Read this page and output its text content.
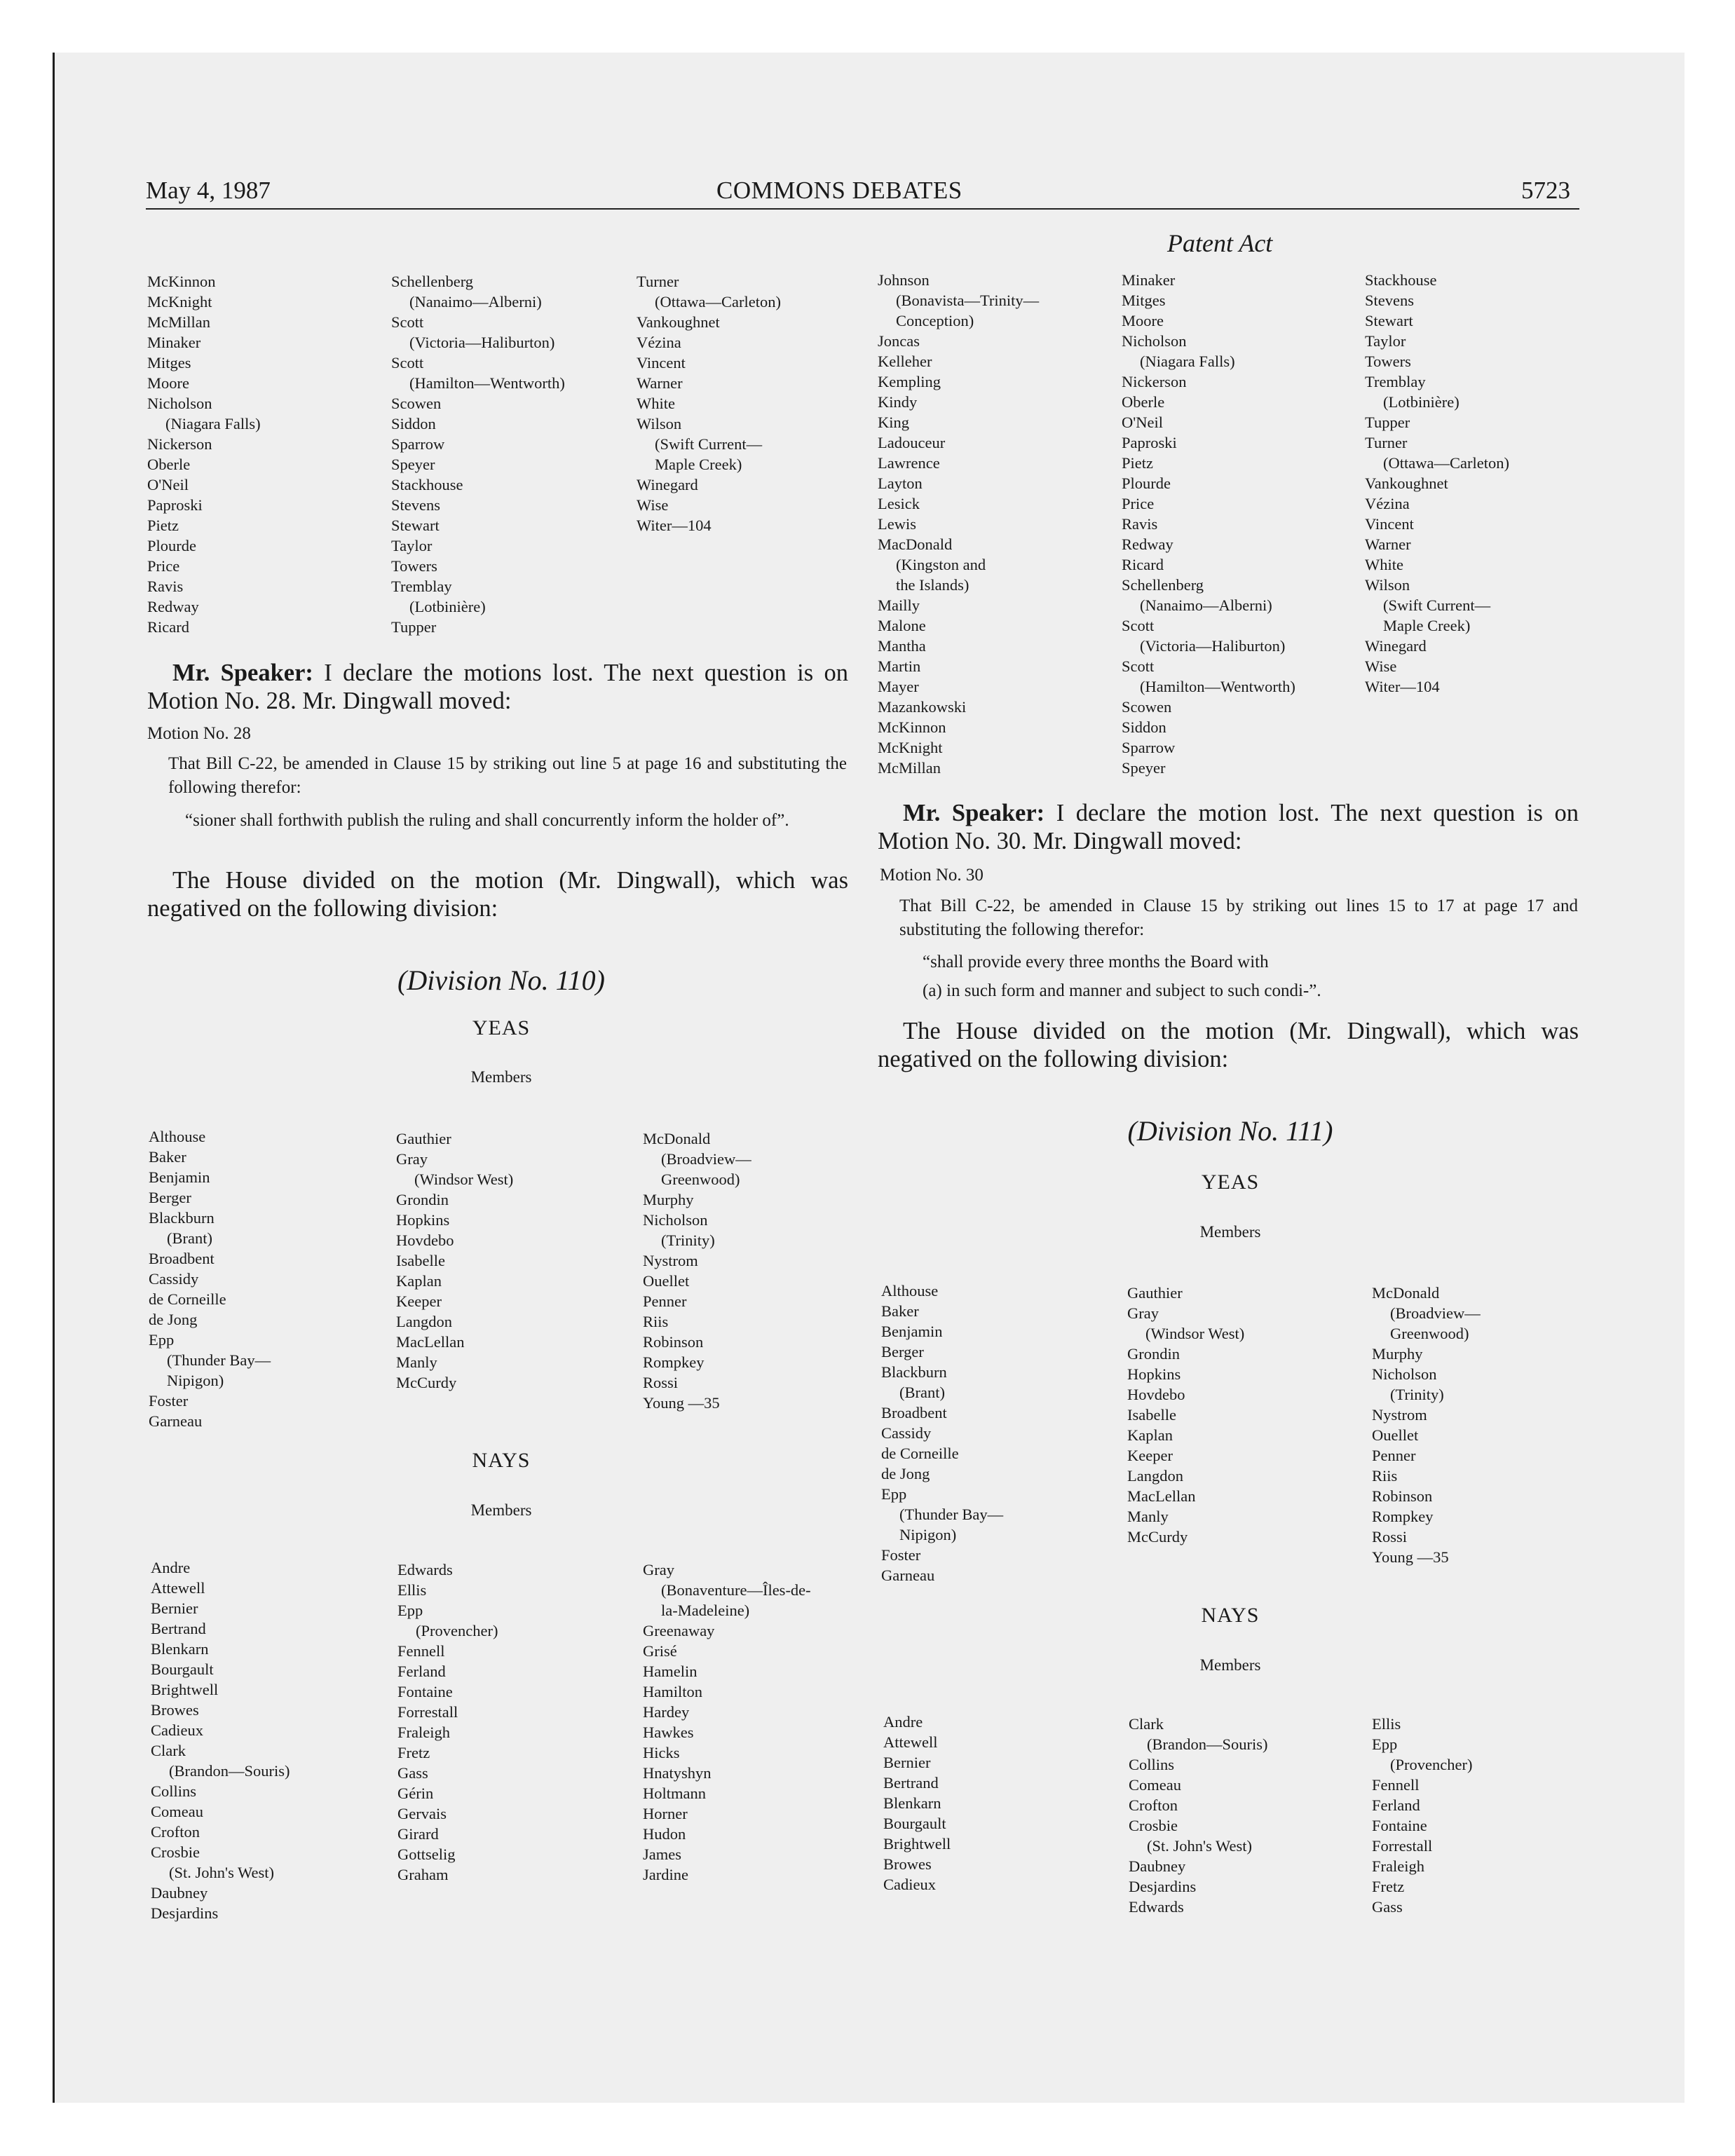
May 4, 1987	COMMONS DEBATES	5723
Patent Act
McKinnon
McKnight
McMillan
Minaker
Mitges
Moore
Nicholson
(Niagara Falls)
Nickerson
Oberle
O'Neil
Paproski
Pietz
Plourde
Price
Ravis
Redway
Ricard
Schellenberg
(Nanaimo—Alberni)
Scott
(Victoria—Haliburton)
Scott
(Hamilton—Wentworth)
Scowen
Siddon
Sparrow
Speyer
Stackhouse
Stevens
Stewart
Taylor
Towers
Tremblay
(Lotbinière)
Tupper
Turner
(Ottawa—Carleton)
Vankoughnet
Vézina
Vincent
Warner
White
Wilson
(Swift Current—
Maple Creek)
Winegard
Wise
Witer—104
Mr. Speaker: I declare the motions lost. The next question is on Motion No. 28. Mr. Dingwall moved:
Motion No. 28
That Bill C-22, be amended in Clause 15 by striking out line 5 at page 16 and substituting the following therefor:
“sioner shall forthwith publish the ruling and shall concurrently inform the holder of”.
The House divided on the motion (Mr. Dingwall), which was negatived on the following division:
(Division No. 110)
YEAS
Members
Althouse
Baker
Benjamin
Berger
Blackburn
(Brant)
Broadbent
Cassidy
de Corneille
de Jong
Epp
(Thunder Bay—
Nipigon)
Foster
Garneau
Gauthier
Gray
(Windsor West)
Grondin
Hopkins
Hovdebo
Isabelle
Kaplan
Keeper
Langdon
MacLellan
Manly
McCurdy
McDonald
(Broadview—
Greenwood)
Murphy
Nicholson
(Trinity)
Nystrom
Ouellet
Penner
Riis
Robinson
Rompkey
Rossi
Young —35
NAYS
Members
Andre
Attewell
Bernier
Bertrand
Blenkarn
Bourgault
Brightwell
Browes
Cadieux
Clark
(Brandon—Souris)
Collins
Comeau
Crofton
Crosbie
(St. John's West)
Daubney
Desjardins
Edwards
Ellis
Epp
(Provencher)
Fennell
Ferland
Fontaine
Forrestall
Fraleigh
Fretz
Gass
Gérin
Gervais
Girard
Gottselig
Graham
Gray
(Bonaventure—Îles-de-
la-Madeleine)
Greenaway
Grisé
Hamelin
Hamilton
Hardey
Hawkes
Hicks
Hnatyshyn
Holtmann
Horner
Hudon
James
Jardine
Johnson
(Bonavista—Trinity—
Conception)
Joncas
Kelleher
Kempling
Kindy
King
Ladouceur
Lawrence
Layton
Lesick
Lewis
MacDonald
(Kingston and
the Islands)
Mailly
Malone
Mantha
Martin
Mayer
Mazankowski
McKinnon
McKnight
McMillan
Minaker
Mitges
Moore
Nicholson
(Niagara Falls)
Nickerson
Oberle
O'Neil
Paproski
Pietz
Plourde
Price
Ravis
Redway
Ricard
Schellenberg
(Nanaimo—Alberni)
Scott
(Victoria—Haliburton)
Scott
(Hamilton—Wentworth)
Scowen
Siddon
Sparrow
Speyer
Stackhouse
Stevens
Stewart
Taylor
Towers
Tremblay
(Lotbinière)
Tupper
Turner
(Ottawa—Carleton)
Vankoughnet
Vézina
Vincent
Warner
White
Wilson
(Swift Current—
Maple Creek)
Winegard
Wise
Witer—104
Mr. Speaker: I declare the motion lost. The next question is on Motion No. 30. Mr. Dingwall moved:
Motion No. 30
That Bill C-22, be amended in Clause 15 by striking out lines 15 to 17 at page 17 and substituting the following therefor:
“shall provide every three months the Board with
(a) in such form and manner and subject to such condi-”.
The House divided on the motion (Mr. Dingwall), which was negatived on the following division:
(Division No. 111)
YEAS
Members
Althouse
Baker
Benjamin
Berger
Blackburn
(Brant)
Broadbent
Cassidy
de Corneille
de Jong
Epp
(Thunder Bay—
Nipigon)
Foster
Garneau
Gauthier
Gray
(Windsor West)
Grondin
Hopkins
Hovdebo
Isabelle
Kaplan
Keeper
Langdon
MacLellan
Manly
McCurdy
McDonald
(Broadview—
Greenwood)
Murphy
Nicholson
(Trinity)
Nystrom
Ouellet
Penner
Riis
Robinson
Rompkey
Rossi
Young —35
NAYS
Members
Andre
Attewell
Bernier
Bertrand
Blenkarn
Bourgault
Brightwell
Browes
Cadieux
Clark
(Brandon—Souris)
Collins
Comeau
Crofton
Crosbie
(St. John's West)
Daubney
Desjardins
Edwards
Ellis
Epp
(Provencher)
Fennell
Ferland
Fontaine
Forrestall
Fraleigh
Fretz
Gass
